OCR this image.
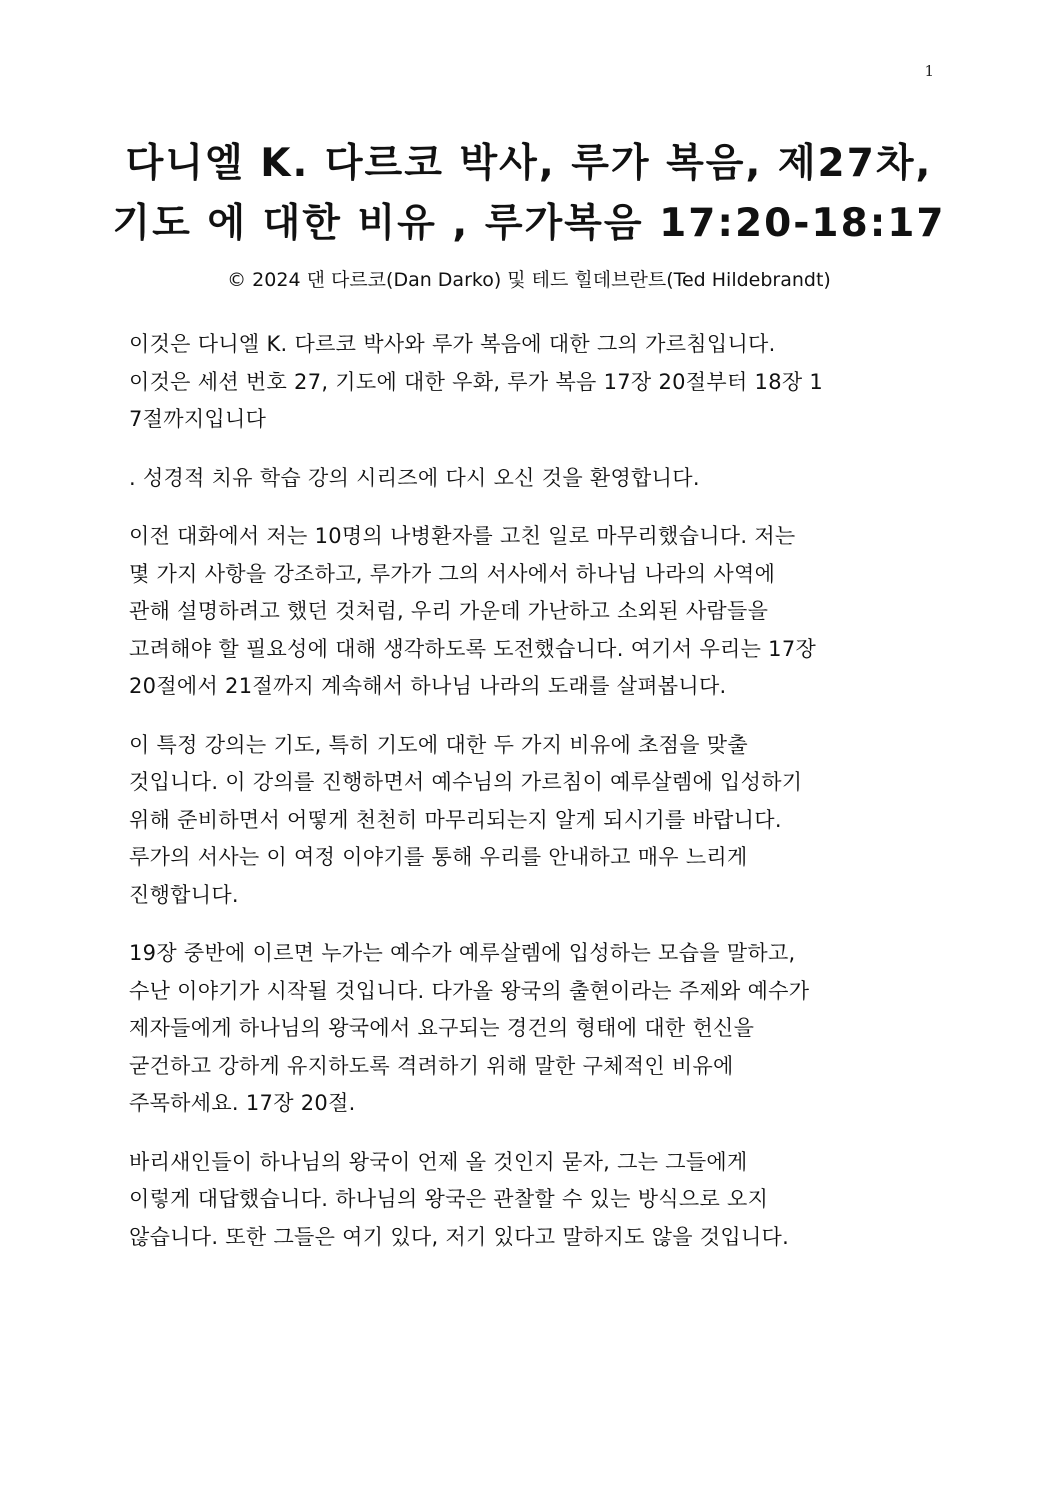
1
다니엘 K. 다르코 박사, 루가 복음, 제27차,
기도 에 대한 비유 , 루가복음 17:20-18:17
© 2024 댄 다르코(Dan Darko) 및 테드 힐데브란트(Ted Hildebrandt)
이것은 다니엘 K. 다르코 박사와 루가 복음에 대한 그의 가르침입니다.
이것은 세션 번호 27, 기도에 대한 우화, 루가 복음 17장 20절부터 18장 1
7절까지입니다
. 성경적 치유 학습 강의 시리즈에 다시 오신 것을 환영합니다.
이전 대화에서 저는 10명의 나병환자를 고친 일로 마무리했습니다. 저는
몇 가지 사항을 강조하고, 루가가 그의 서사에서 하나님 나라의 사역에
관해 설명하려고 했던 것처럼, 우리 가운데 가난하고 소외된 사람들을
고려해야 할 필요성에 대해 생각하도록 도전했습니다. 여기서 우리는 17장
20절에서 21절까지 계속해서 하나님 나라의 도래를 살펴봅니다.
이 특정 강의는 기도, 특히 기도에 대한 두 가지 비유에 초점을 맞출
것입니다. 이 강의를 진행하면서 예수님의 가르침이 예루살렘에 입성하기
위해 준비하면서 어떻게 천천히 마무리되는지 알게 되시기를 바랍니다.
루가의 서사는 이 여정 이야기를 통해 우리를 안내하고 매우 느리게
진행합니다.
19장 중반에 이르면 누가는 예수가 예루살렘에 입성하는 모습을 말하고,
수난 이야기가 시작될 것입니다. 다가올 왕국의 출현이라는 주제와 예수가
제자들에게 하나님의 왕국에서 요구되는 경건의 형태에 대한 헌신을
굳건하고 강하게 유지하도록 격려하기 위해 말한 구체적인 비유에
주목하세요. 17장 20절.
바리새인들이 하나님의 왕국이 언제 올 것인지 묻자, 그는 그들에게
이렇게 대답했습니다. 하나님의 왕국은 관찰할 수 있는 방식으로 오지
않습니다. 또한 그들은 여기 있다, 저기 있다고 말하지도 않을 것입니다.
